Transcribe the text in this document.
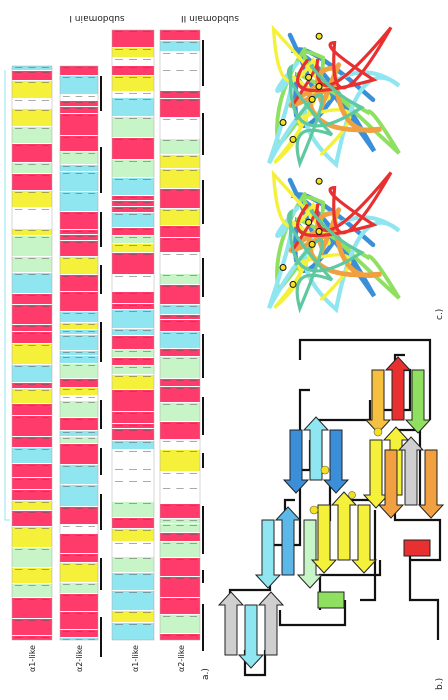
subdomain I	subdomain II
α1-like	α2-like	α1-like	α2-like
a.)
b.)
c.)
